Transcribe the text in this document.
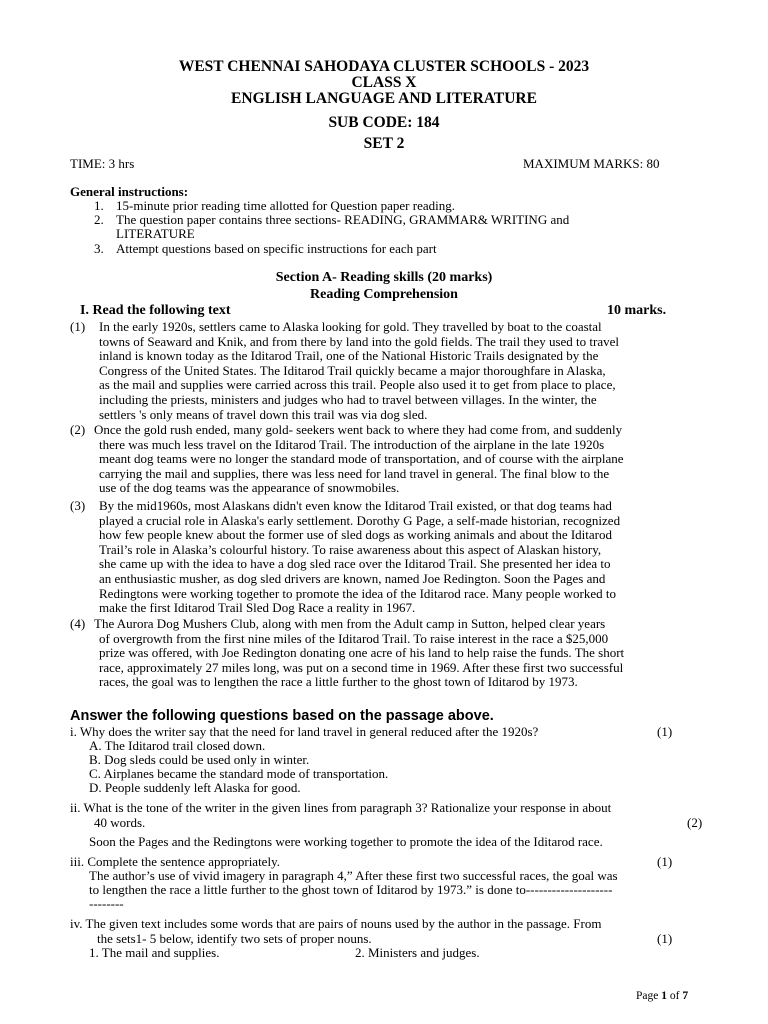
WEST CHENNAI SAHODAYA CLUSTER SCHOOLS - 2023
CLASS X
ENGLISH LANGUAGE AND LITERATURE
SUB CODE: 184
SET 2
TIME: 3 hrs	MAXIMUM MARKS: 80
General instructions:
1. 15-minute prior reading time allotted for Question paper reading.
2. The question paper contains three sections- READING, GRAMMAR& WRITING and
LITERATURE
3. Attempt questions based on specific instructions for each part
Section A- Reading skills (20 marks)
Reading Comprehension
I. Read the following text	10 marks.
(1) In the early 1920s, settlers came to Alaska looking for gold. They travelled by boat to the coastal
towns of Seaward and Knik, and from there by land into the gold fields. The trail they used to travel
inland is known today as the Iditarod Trail, one of the National Historic Trails designated by the
Congress of the United States. The Iditarod Trail quickly became a major thoroughfare in Alaska,
as the mail and supplies were carried across this trail. People also used it to get from place to place,
including the priests, ministers and judges who had to travel between villages. In the winter, the
settlers 's only means of travel down this trail was via dog sled.
(2) Once the gold rush ended, many gold- seekers went back to where they had come from, and suddenly
there was much less travel on the Iditarod Trail. The introduction of the airplane in the late 1920s
meant dog teams were no longer the standard mode of transportation, and of course with the airplane
carrying the mail and supplies, there was less need for land travel in general. The final blow to the
use of the dog teams was the appearance of snowmobiles.
(3) By the mid1960s, most Alaskans didn't even know the Iditarod Trail existed, or that dog teams had
played a crucial role in Alaska's early settlement. Dorothy G Page, a self-made historian, recognized
how few people knew about the former use of sled dogs as working animals and about the Iditarod
Trail’s role in Alaska’s colourful history. To raise awareness about this aspect of Alaskan history,
she came up with the idea to have a dog sled race over the Iditarod Trail. She presented her idea to
an enthusiastic musher, as dog sled drivers are known, named Joe Redington. Soon the Pages and
Redingtons were working together to promote the idea of the Iditarod race. Many people worked to
make the first Iditarod Trail Sled Dog Race a reality in 1967.
(4) The Aurora Dog Mushers Club, along with men from the Adult camp in Sutton, helped clear years
of overgrowth from the first nine miles of the Iditarod Trail. To raise interest in the race a $25,000
prize was offered, with Joe Redington donating one acre of his land to help raise the funds. The short
race, approximately 27 miles long, was put on a second time in 1969. After these first two successful
races, the goal was to lengthen the race a little further to the ghost town of Iditarod by 1973.
Answer the following questions based on the passage above.
i. Why does the writer say that the need for land travel in general reduced after the 1920s?	(1)
A. The Iditarod trail closed down.
B. Dog sleds could be used only in winter.
C. Airplanes became the standard mode of transportation.
D. People suddenly left Alaska for good.
ii. What is the tone of the writer in the given lines from paragraph 3? Rationalize your response in about
40 words.	(2)
Soon the Pages and the Redingtons were working together to promote the idea of the Iditarod race.
iii. Complete the sentence appropriately.	(1)
The author’s use of vivid imagery in paragraph 4,” After these first two successful races, the goal was
to lengthen the race a little further to the ghost town of Iditarod by 1973.” is done to--------------------
--------
iv. The given text includes some words that are pairs of nouns used by the author in the passage. From
the sets1- 5 below, identify two sets of proper nouns.	(1)
1. The mail and supplies.	2. Ministers and judges.
Page 1 of 7
